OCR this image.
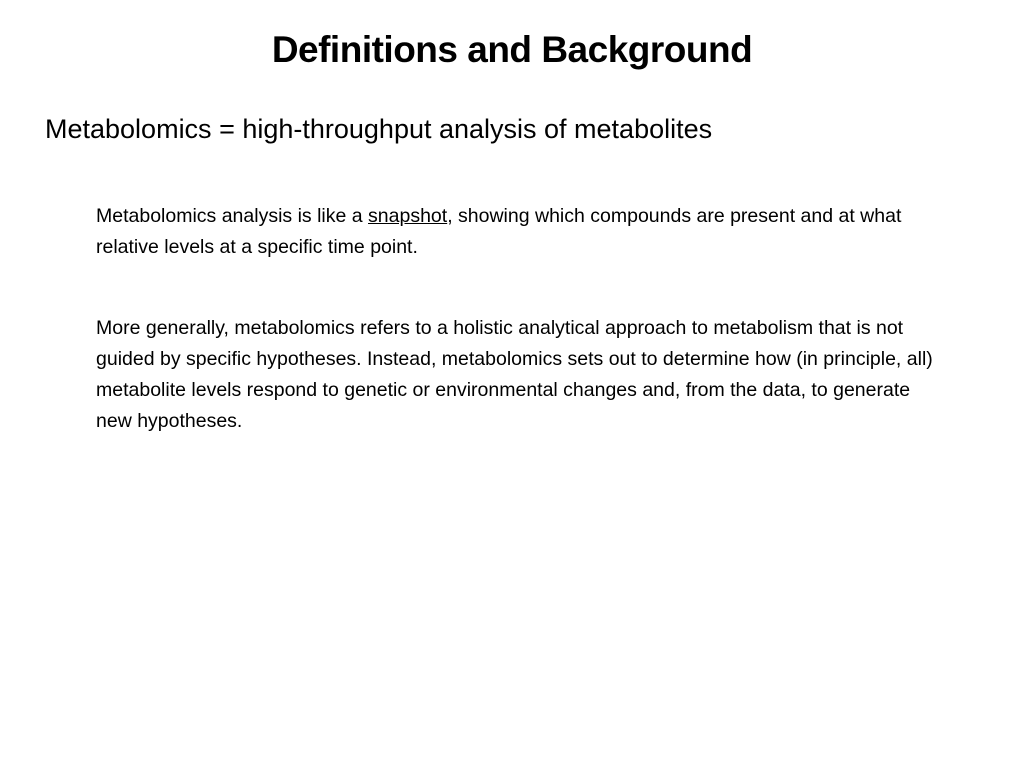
Definitions and Background
Metabolomics = high-throughput analysis of metabolites
Metabolomics analysis is like a snapshot, showing which compounds are present and at what relative levels at a specific time point.
More generally, metabolomics refers to a holistic analytical approach to metabolism that is not guided by specific hypotheses. Instead, metabolomics sets out to determine how (in principle, all) metabolite levels respond to genetic or environmental changes and, from the data, to generate new hypotheses.
